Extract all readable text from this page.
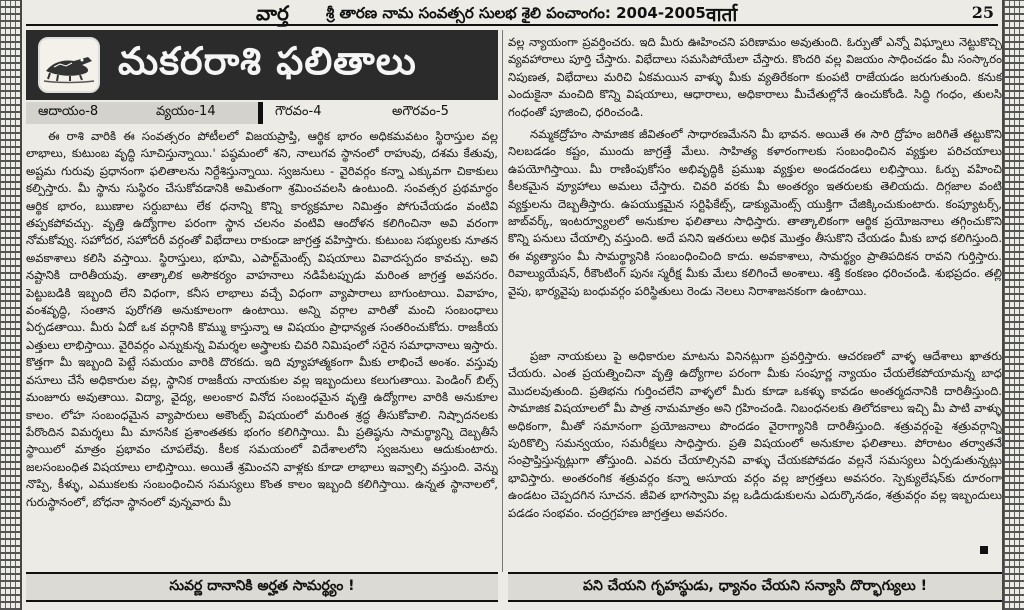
వార్త శ్రీ తారణ నామ సంవత్సర సులభ శైలి పంచాంగం: 2004-2005 वार्ता	25
మకరరాశి ఫలితాలు
ఆదాయం-8	వ్యయం-14	గౌరవం-4	అగౌరవం-5
ఈ రాశి వారికి ఈ సంవత్సరం పోటీలలో విజయప్రాప్తి, ఆర్థిక భారం అధికమవటం స్థిరాస్తుల వల్ల లాభాలు, కుటుంబ వృద్ధి సూచిస్తున్నాయి.' పష్ఠమంలో శని, నాలుగవ స్థానంలో రాహువు, దశమ కేతువు, అష్టమ గురువు ప్రధానంగా ఫలితాలను నిర్దేశిస్తున్నాయి. స్వజనులు - వైరివర్గం కన్నా ఎక్కువగా చికాకులు కల్పిస్తారు. మీ స్థాను సుస్థిరం చేసుకోవడానికి అమితంగా శ్రమించవలసి ఉంటుంది. సంవత్సర ప్రథమార్ధం ఆర్థిక భారం, ఋణాల సర్దుబాటు లేక ధనాన్ని కొన్ని కార్యక్రమాల నిమిత్తం పోగుచేయడం వంటివి తప్పకపోవచ్చు. వృత్తి ఉద్యోగాల పరంగా స్థాన చలనం వంటివి ఆందోళన కలిగించినా అవి వరంగా నోమకోవ్వు. సహోదర, సహోదరీ వర్గంతో విభేదాలు రాకుండా జాగ్రత్త వహిస్తారు. కుటుంబ సభ్యులకు నూతన అవకాశాలు కలిసి వస్తాయి. స్థిరాస్తులు, భూమి, ఎపార్ట్‌మెంట్స్ విషయాలు వివాదస్పదం కావచ్చు. అవి నష్టానికి దారితీయవు. తాత్కాలిక అసౌకర్యం వాహనాలు నడిపేటప్పుడు మరింత జాగ్రత్త అవసరం. పెట్టుబడికి ఇబ్బంది లేని విధంగా, కనీస లాభాలు వచ్చే విధంగా వ్యాపారాలు బాగుంటాయి. వివాహం, వంశవృద్ధి, సంతాన పురోగతి అనుకూలంగా ఉంటాయి. అన్ని వర్గాల వారితో మంచి సంబంధాలు ఏర్పడతాయి. మీరు ఏదో ఒక వర్గానికి కొమ్ము కాస్తున్నా ఆ విషయం ప్రాధాన్యత సంతరించుకోదు. రాజకీయ ఎత్తులు లాభిస్తాయి. వైరివర్గం ఎన్నుకున్న విమర్శల అస్త్రాలకు చివరి నిమిషంలో సరైన సమాధానాలు ఇస్తారు. కొత్తగా మీ ఇబ్బంది పెట్టే సమయం వారికి దొరకదు. ఇది వ్యూహాత్మకంగా మీకు లాభించే అంశం. వస్తువు వసూలు చేసే అధికారుల వల్ల, స్థానిక రాజకీయ నాయకుల వల్ల ఇబ్బందులు కలుగుతాయి. పెండింగ్ బిల్స్ మంజూరు అవుతాయి. విద్యా, వైద్య, అలంకార వినోద సంబంధమైన వృత్తి ఉద్యోగాల వారికి అనుకూల కాలం. లోహ సంబంధమైన వ్యాపారులు అకౌంట్స్ విషయంలో మరింత శ్రద్ధ తీసుకోవాలి. నిష్పాదనలకు పేరొందిన విమర్శలు మీ మానసిక ప్రశాంతతకు భంగం కలిగిస్తాయి. మీ ప్రతిష్ఠను సామర్థ్యాన్ని దెబ్బతీసే స్థాయిలో మాత్రం ప్రభావం చూపలేవు. కీలక సమయంలో విదేశాలలోని స్వజనులు ఆదుకుంటారు. జలసంబంధిత విషయాలు లాభిస్తాయి. అయితే శ్రమించని వాళ్లకు కూడా లాభాలు ఇవ్వాల్సి వస్తుంది. వెన్ను నొప్పి, కీళ్ళు, ఎముకలకు సంబంధించిన సమస్యలు కొంత కాలం ఇబ్బంది కలిగిస్తాయి. ఉన్నత స్థానాలలో, గురుస్థానంలో, బోధనా స్థానంలో వున్నవారు మీ
వల్ల న్యాయంగా ప్రవర్తించరు. ఇది మీరు ఊహించని పరిణామం అవుతుంది. ఓర్పుతో ఎన్నో విఘ్నాలు నెట్టుకొచ్చి వ్యవహారాలు పూర్తి చేస్తారు. విభేదాలు సమసిపోయేలా చేస్తారు. కొందరి వల్ల విజయం సాధించడం మీ సంస్కారం నిపుణత, విభేదాలు మరిచి ఏకమయిన వాళ్ళు మీకు వ్యతిరేకంగా కుంపటి రాజేయడం జరుగుతుంది. కనుక ఎందుకైనా మంచిది కొన్ని విషయాలు, ఆధారాలు, అధికారాలు మీచేతుల్లోనే ఉంచుకోండి. సిద్ధి గంధం, తులసి గంధంతో పూజించి, ధరించండి.
నమ్మకద్రోహం సామాజిక జీవితంలో సాధారణమేనని మీ భావన. అయితే ఈ సారి ద్రోహం జరిగితే తట్టుకొని నిలబడడం కష్టం, ముందు జాగ్రత్తే మేలు. సాహిత్య కళారంగాలకు సంబంధించిన వ్యక్తుల పరిచయాలు ఉపయోగిస్తాయి. మీ రాణింపుకోసం అభివృద్ధికి ప్రముఖ వ్యక్తుల అండదండలు లభిస్తాయి. ఓర్పు వహించి కీలకమైన వ్యూహాలు అమలు చేస్తారు. చివరి వరకు మీ అంతర్యం ఇతరులకు తెలియదు. దిగ్గజాల వంటి వ్యక్తులను దెబ్బతీస్తారు. ఉపయుక్తమైన సర్టిఫికేట్స్, డాక్యుమెంట్స్ యుక్తిగా చేజిక్కించుకుంటారు. కంప్యూటర్స్, జాబ్‌వర్క్, ఇంటర్వ్యూలలో అనుకూల ఫలితాలు సాధిస్తారు. తాత్కాలికంగా ఆర్థిక ప్రయోజనాలు తగ్గించుకొని కొన్ని పనులు చేయాల్సి వస్తుంది. అదే పనిని ఇతరులు అధిక మొత్తం తీసుకొని చేయడం మీకు బాధ కలిగిస్తుంది. ఈ వ్యత్యాసం మీ సామర్థ్యానికి సంబంధించింది కాదు. అవకాశాలు, సామర్థ్యం ప్రాతిపదికన రావని గుర్తిస్తారు. రివాల్యుయేషన్, రీకౌంటింగ్ పునః స్మరీక్ష మీకు మేలు కలిగించే అంశాలు. శక్తి కంకణం ధరించండి. శుభప్రదం. తల్లి వైపు, భార్యవైపు బంధువర్గం పరిస్థితులు రెండు నెలలు నిరాశాజనకంగా ఉంటాయి.
ప్రజా నాయకులు పై అధికారుల మాటను వినినట్లుగా ప్రవర్తిస్తారు. ఆచరణలో వాళ్ళ ఆదేశాలు ఖాతరు చేయరు. ఎంత ప్రయత్నించినా వృత్తి ఉద్యోగాల పరంగా మీకు సంపూర్ణ న్యాయం చేయలేకపోయామన్న బాధ మొదలవుతుంది. ప్రతిభను గుర్తించలేని వాళ్ళలో మీరు కూడా ఒకళ్ళు కావడం అంతర్మదనానికి దారితీస్తుంది. సామాజిక విషయాలలో మీ పాత్ర నామమాత్రం అని గ్రహించండి. నిబంధనలకు తిలోదకాలు ఇచ్చి మీ పాటి వాళ్ళు అధికంగా, మీతో సమానంగా ప్రయోజనాలు పొందడం వైరాగ్యానికి దారితీస్తుంది. శత్రువర్గంపై శత్రువర్గాన్ని పురికొల్పి సమన్వయం, సమరీక్షలు సాధిస్తారు. ప్రతి విషయంలో అనుకూల ఫలితాలు. పోరాటం తర్వాతనే సంప్రాప్తిస్తున్నట్లుగా తోస్తుంది. ఎవరు చేయాల్సినవి వాళ్ళు చేయకపోవడం వల్లనే సమస్యలు ఏర్పడుతున్నట్లు భావిస్తారు. అంతరంగిక శత్రువర్గం కన్నా అసూయ వర్గం వల్ల జాగ్రత్తలు అవసరం. స్పెక్యులేషన్‌కు దూరంగా ఉండటం చెప్పదగిన సూచన. జీవిత భాగస్వామి వల్ల ఒడిదుడుకులను ఎదుర్కొనడం, శత్రువర్గం వల్ల ఇబ్బందులు పడడం సంభవం. చంద్రగ్రహణ జాగ్రత్తలు అవసరం.
సువర్ణ దానానికి అర్హత సామర్థ్యం !	పని చేయని గృహస్థుడు, ధ్యానం చేయని సన్యాసి దొర్భాగ్యులు !
